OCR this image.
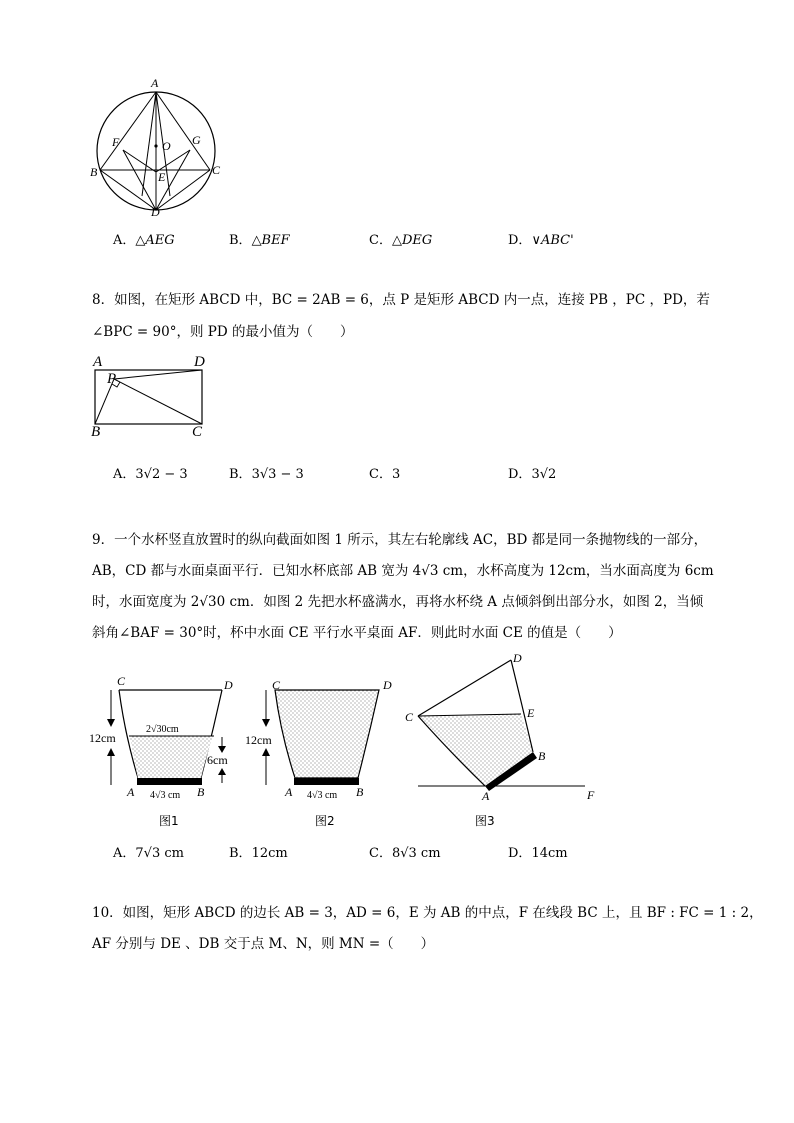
A
O
F	G
B	C
E
D
A．△AEG	B．△BEF	C．△DEG	D．∨ABC'
8．如图，在矩形 ABCD 中，BC = 2AB = 6，点 P 是矩形 ABCD 内一点，连接 PB ，PC ，PD，若
∠BPC = 90°，则 PD 的最小值为（　　）
A	D
P
B	C
A．3√2 − 3	B．3√3 − 3	C．3	D．3√2
9．一个水杯竖直放置时的纵向截面如图 1 所示，其左右轮廓线 AC，BD 都是同一条抛物线的一部分，
AB，CD 都与水面桌面平行．已知水杯底部 AB 宽为 4√3 cm，水杯高度为 12cm，当水面高度为 6cm
时，水面宽度为 2√30 cm．如图 2 先把水杯盛满水，再将水杯绕 A 点倾斜倒出部分水，如图 2，当倾
斜角∠BAF = 30°时，杯中水面 CE 平行水平桌面 AF．则此时水面 CE 的值是（　　）
C	D
2√30cm
12cm
6cm
A	B
4√3 cm
图1
C	D
12cm
A	B
4√3 cm
图2
D
C	E
B
A	F
图3
A．7√3 cm	B．12cm	C．8√3 cm	D．14cm
10．如图，矩形 ABCD 的边长 AB = 3，AD = 6，E 为 AB 的中点，F 在线段 BC 上，且 BF : FC = 1 : 2，
AF 分别与 DE 、DB 交于点 M、N，则 MN =（　　）
